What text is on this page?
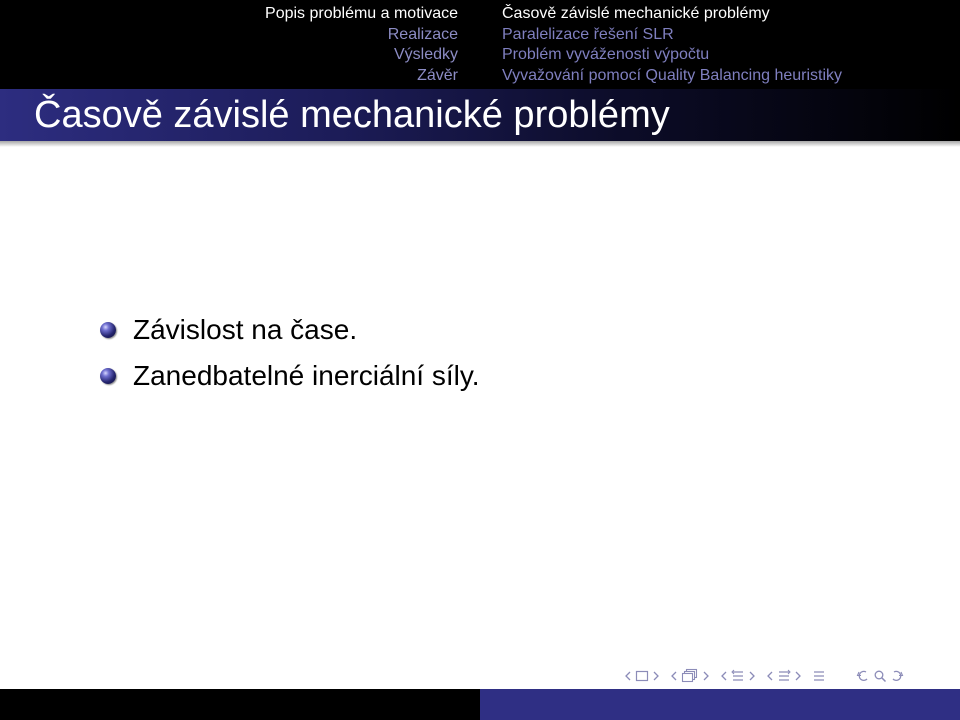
Popis problému a motivace
Realizace
Výsledky
Závěr
Časově závislé mechanické problémy
Paralelizace řešení SLR
Problém vyváženosti výpočtu
Vyvažování pomocí Quality Balancing heuristiky
Časově závislé mechanické problémy
Závislost na čase.
Zanedbatelné inerciální síly.
